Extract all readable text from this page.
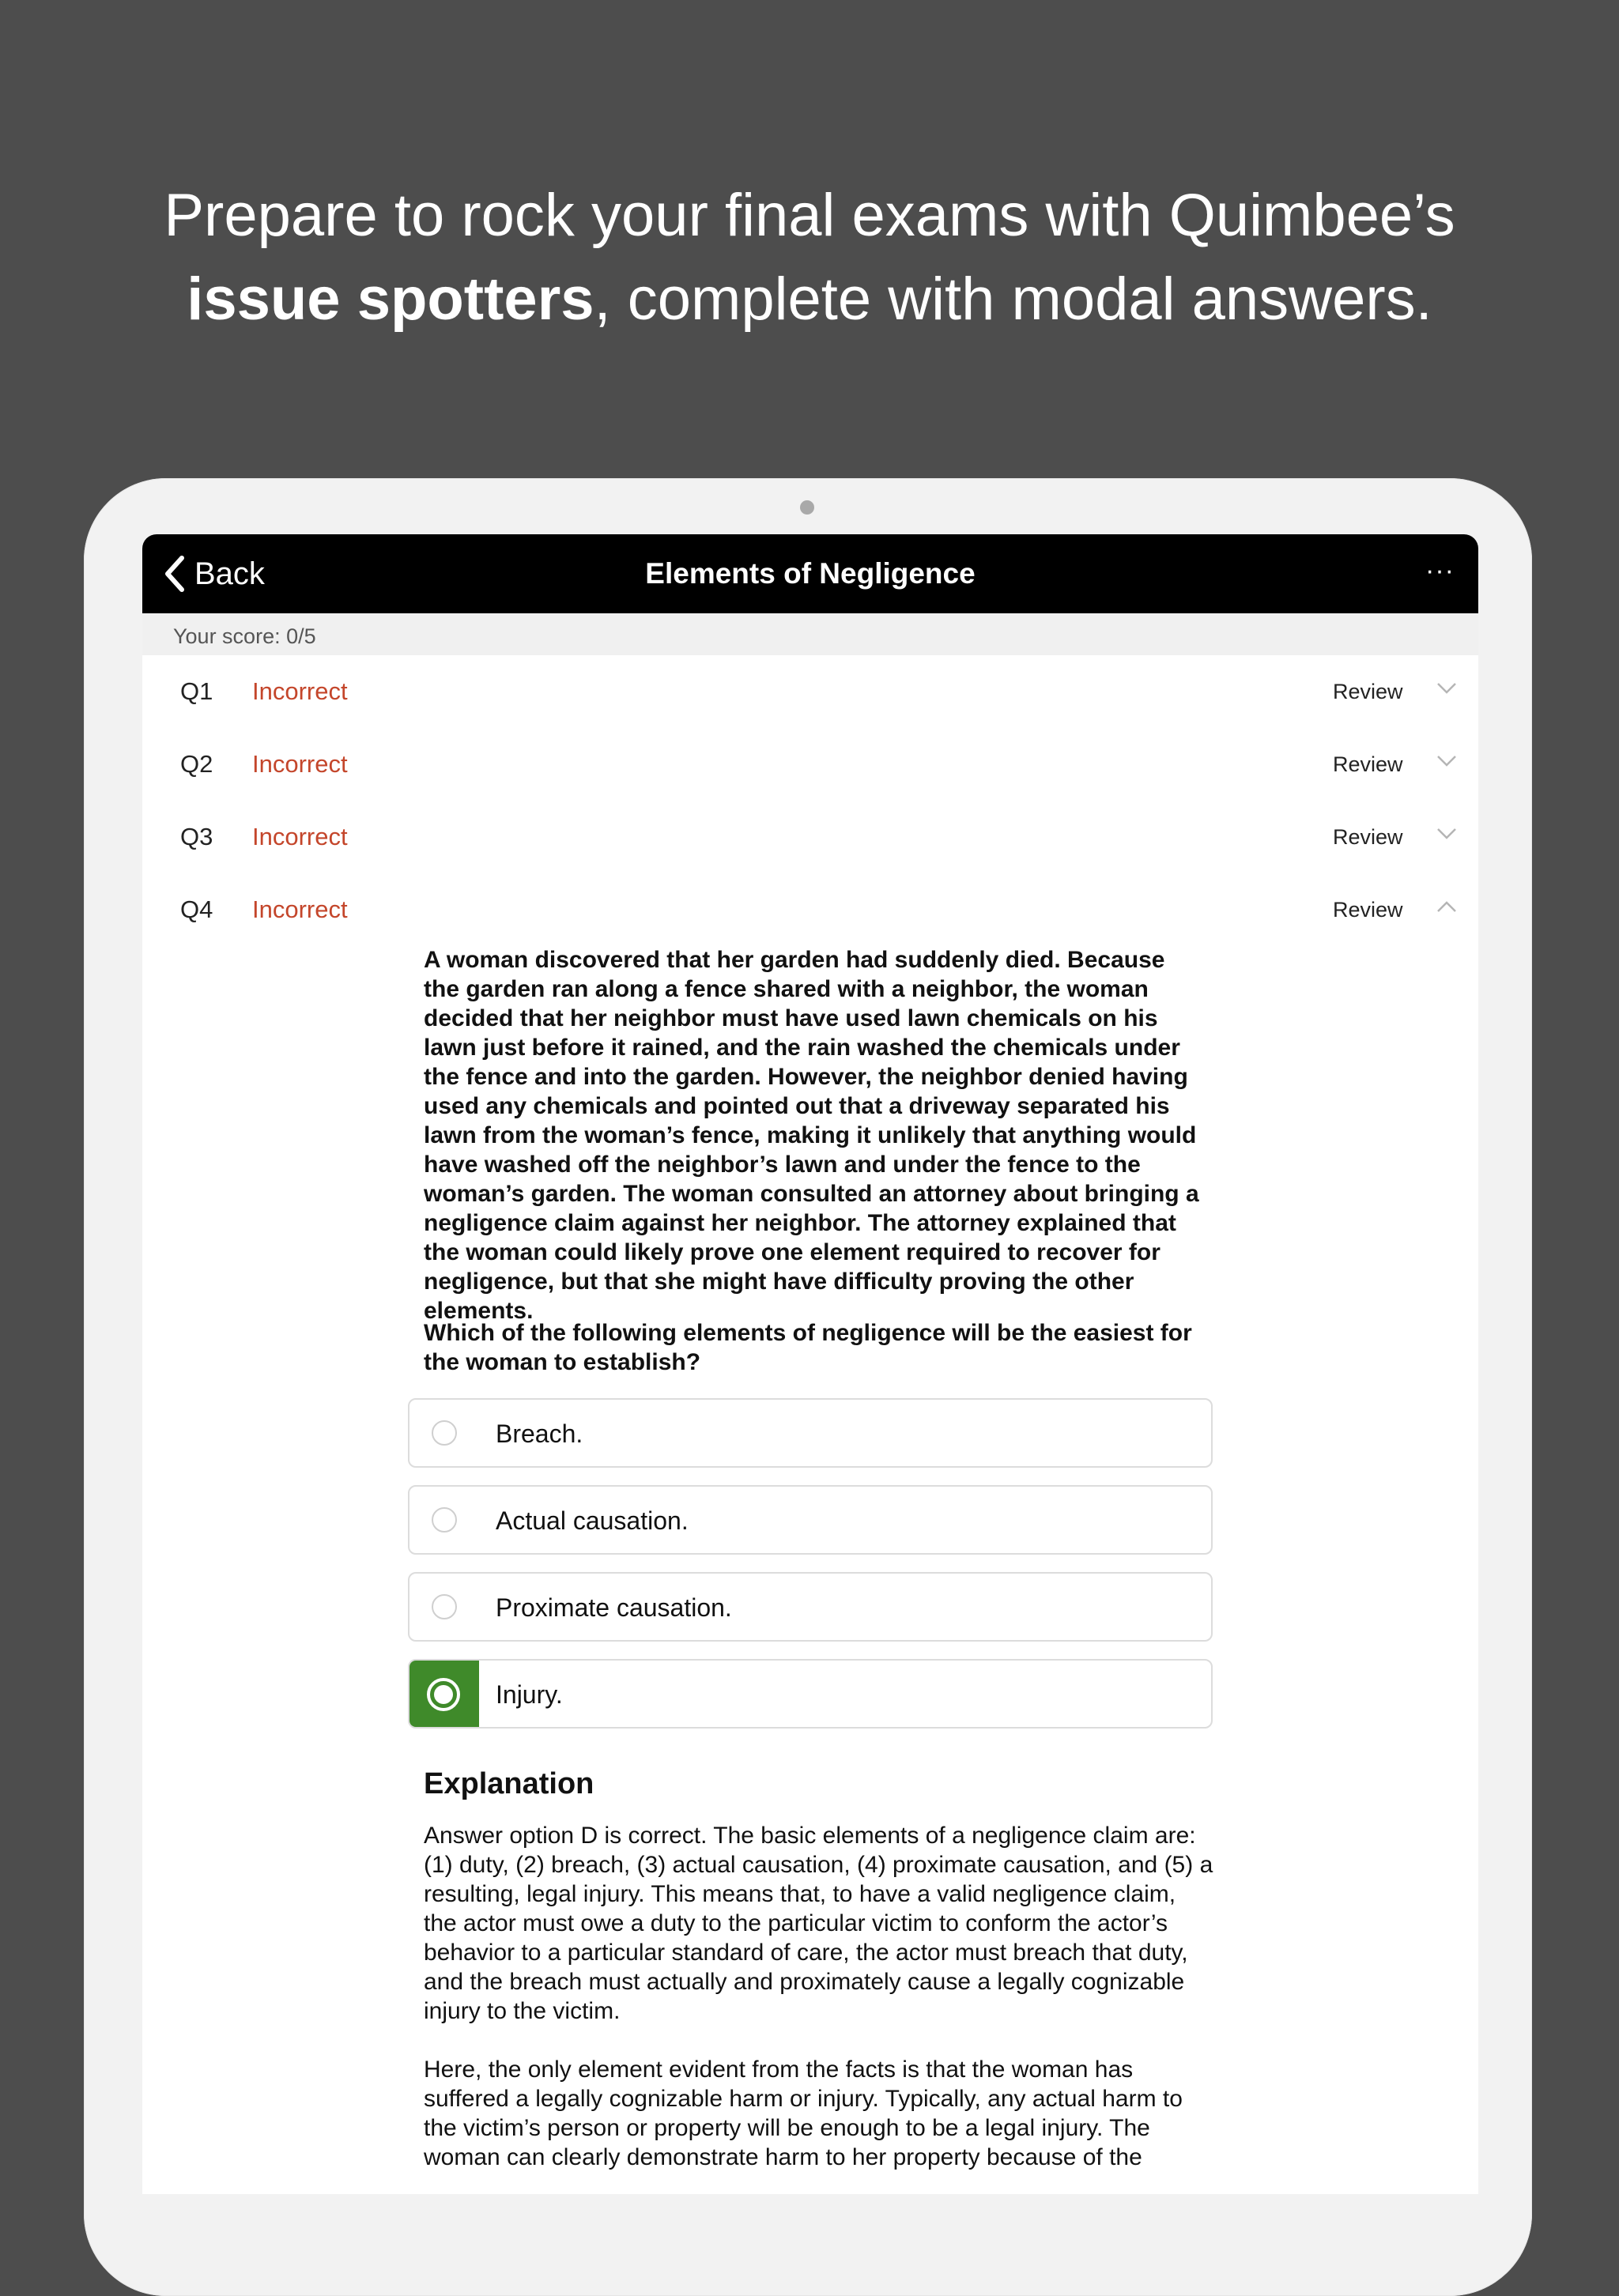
Prepare to rock your final exams with Quimbee’s
issue spotters, complete with modal answers.
Back	Elements of Negligence	···
Your score: 0/5
Q1 Incorrect	Review
Q2 Incorrect	Review
Q3 Incorrect	Review
Q4 Incorrect	Review
A woman discovered that her garden had suddenly died. Because the garden ran along a fence shared with a neighbor, the woman decided that her neighbor must have used lawn chemicals on his lawn just before it rained, and the rain washed the chemicals under the fence and into the garden. However, the neighbor denied having used any chemicals and pointed out that a driveway separated his lawn from the woman’s fence, making it unlikely that anything would have washed off the neighbor’s lawn and under the fence to the woman’s garden. The woman consulted an attorney about bringing a negligence claim against her neighbor. The attorney explained that the woman could likely prove one element required to recover for negligence, but that she might have difficulty proving the other elements.
Which of the following elements of negligence will be the easiest for the woman to establish?
Breach.
Actual causation.
Proximate causation.
Injury.
Explanation
Answer option D is correct. The basic elements of a negligence claim are: (1) duty, (2) breach, (3) actual causation, (4) proximate causation, and (5) a resulting, legal injury. This means that, to have a valid negligence claim, the actor must owe a duty to the particular victim to conform the actor’s behavior to a particular standard of care, the actor must breach that duty, and the breach must actually and proximately cause a legally cognizable injury to the victim.
Here, the only element evident from the facts is that the woman has suffered a legally cognizable harm or injury. Typically, any actual harm to the victim’s person or property will be enough to be a legal injury. The woman can clearly demonstrate harm to her property because of the
